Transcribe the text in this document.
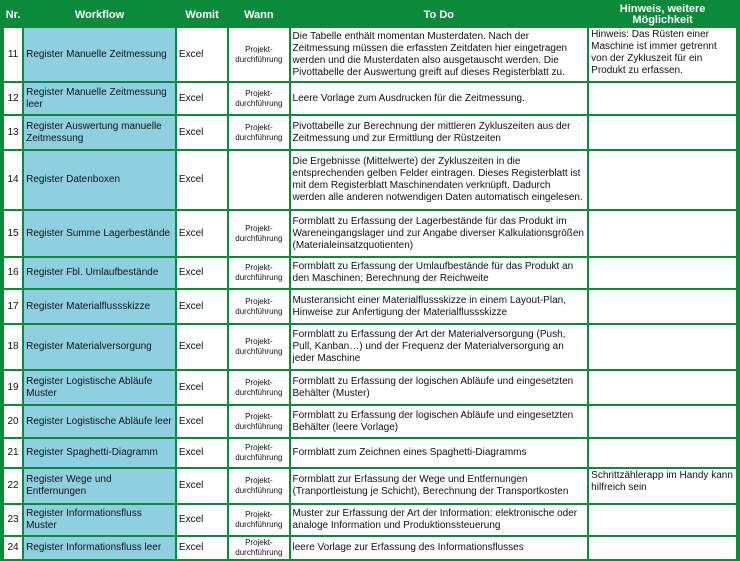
Nr.	Workflow	Womit	Wann	To Do	Hinweis, weitere Möglichkeit
11	Register Manuelle Zeitmessung	Excel	Projekt-durchführung	Die Tabelle enthält momentan Musterdaten. Nach der Zeitmessung müssen die erfassten Zeitdaten hier eingetragen werden und die Musterdaten also ausgetauscht werden. Die Pivottabelle der Auswertung greift auf dieses Registerblatt zu.	Hinweis: Das Rüsten einer Maschine ist immer getrennt von der Zykluszeit für ein Produkt zu erfassen.
12	Register Manuelle Zeitmessung leer	Excel	Projekt-durchführung	Leere Vorlage zum Ausdrucken für die Zeitmessung.	
13	Register Auswertung manuelle Zeitmessung	Excel	Projekt-durchführung	Pivottabelle zur Berechnung der mittleren Zykluszeiten aus der Zeitmessung und zur Ermittlung der Rüstzeiten	
14	Register Datenboxen	Excel		Die Ergebnisse (Mittelwerte) der Zykluszeiten in die entsprechenden gelben Felder eintragen. Dieses Registerblatt ist mit dem Registerblatt Maschinendaten verknüpft. Dadurch werden alle anderen notwendigen Daten automatisch eingelesen.	
15	Register Summe Lagerbestände	Excel	Projekt-durchführung	Formblatt zu Erfassung der Lagerbestände für das Produkt im Wareneingangslager und zur Angabe diverser Kalkulationsgrößen (Materialeinsatzquotienten)	
16	Register Fbl. Umlaufbestände	Excel	Projekt-durchführung	Formblatt zu Erfassung der Umlaufbestände für das Produkt an den Maschinen; Berechnung der Reichweite	
17	Register Materialflussskizze	Excel	Projekt-durchführung	Musteransicht einer Materialflussskizze in einem Layout-Plan, Hinweise zur Anfertigung der Materialflussskizze	
18	Register Materialversorgung	Excel	Projekt-durchführung	Formblatt zu Erfassung der Art der Materialversorgung (Push, Pull, Kanban…) und der Frequenz der Materialversorgung an jeder Maschine	
19	Register Logistische Abläufe Muster	Excel	Projekt-durchführung	Formblatt zu Erfassung der logischen Abläufe und eingesetzten Behälter (Muster)	
20	Register Logistische Abläufe leer	Excel	Projekt-durchführung	Formblatt zu Erfassung der logischen Abläufe und eingesetzten Behälter (leere Vorlage)	
21	Register Spaghetti-Diagramm	Excel	Projekt-durchführung	Formblatt zum Zeichnen eines Spaghetti-Diagramms	
22	Register Wege und Entfernungen	Excel	Projekt-durchführung	Formblatt zur Erfassung der Wege und Entfernungen (Tranportleistung je Schicht), Berechnung der Transportkosten	Schrittzählerapp im Handy kann hilfreich sein
23	Register Informationsfluss Muster	Excel	Projekt-durchführung	Muster zur Erfassung der Art der Information: elektronische oder analoge Information und Produktionssteuerung	
24	Register Informationsfluss leer	Excel	Projekt-durchführung	leere Vorlage zur Erfassung des Informationsflusses	
